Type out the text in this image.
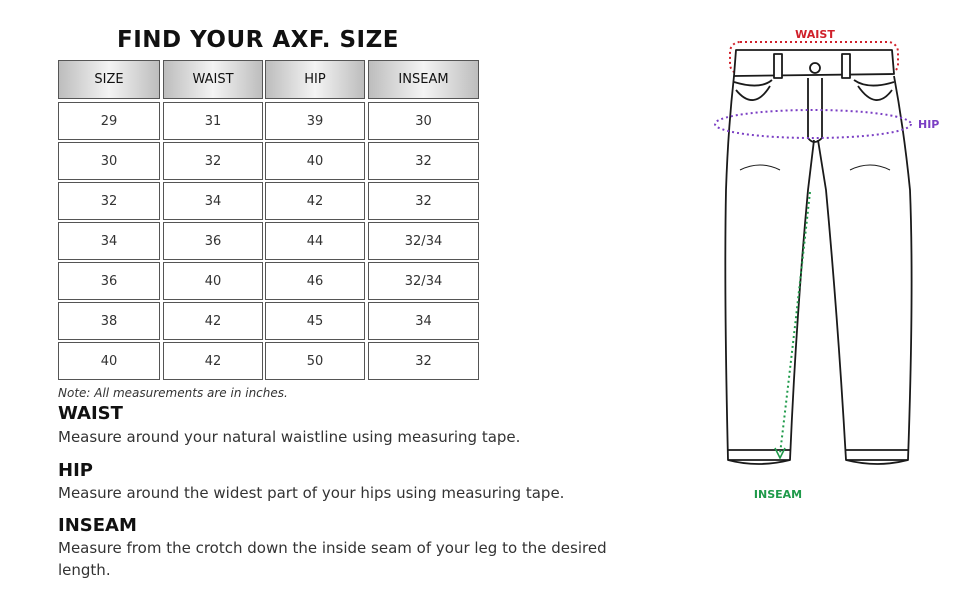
FIND YOUR AXF. SIZE
SIZE	WAIST	HIP	INSEAM
29	31	39	30
30	32	40	32
32	34	42	32
34	36	44	32/34
36	40	46	32/34
38	42	45	34
40	42	50	32
Note: All measurements are in inches.
WAIST
Measure around your natural waistline using measuring tape.
HIP
Measure around the widest part of your hips using measuring tape.
INSEAM
Measure from the crotch down the inside seam of your leg to the desired length.
WAIST
HIP
INSEAM
